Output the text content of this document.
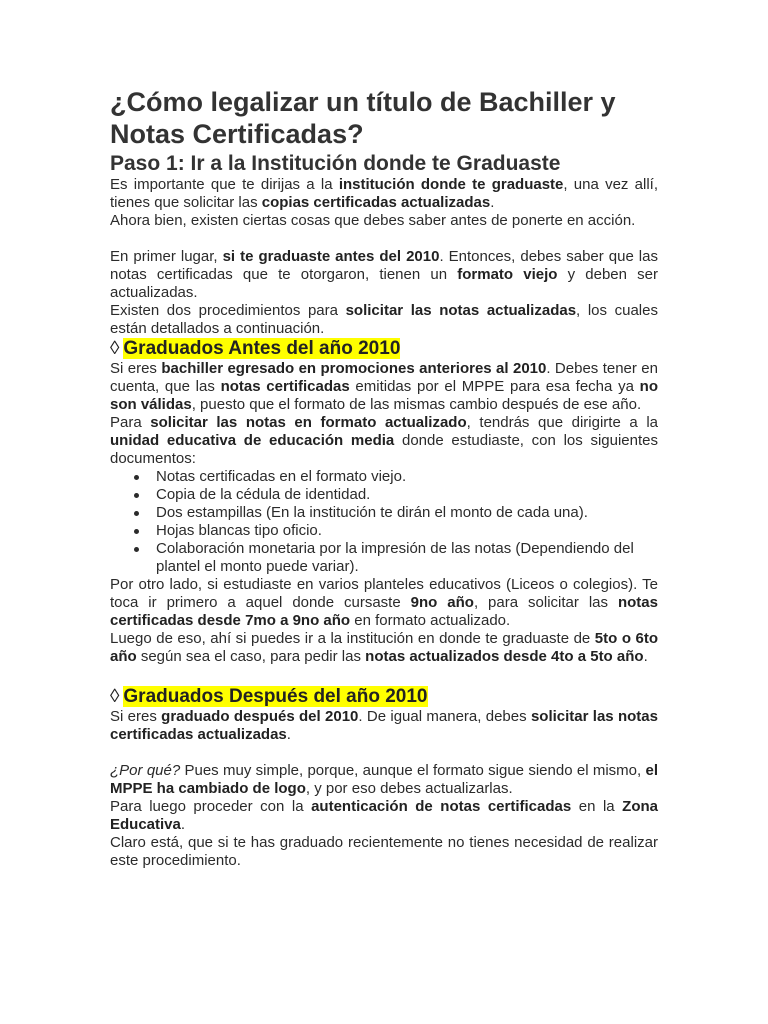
¿Cómo legalizar un título de Bachiller y Notas Certificadas?
Paso 1: Ir a la Institución donde te Graduaste

Es importante que te dirijas a la institución donde te graduaste, una vez allí, tienes que solicitar las copias certificadas actualizadas.

Ahora bien, existen ciertas cosas que debes saber antes de ponerte en acción.

En primer lugar, si te graduaste antes del 2010. Entonces, debes saber que las notas certificadas que te otorgaron, tienen un formato viejo y deben ser actualizadas.

Existen dos procedimientos para solicitar las notas actualizadas, los cuales están detallados a continuación.

◊ Graduados Antes del año 2010

Si eres bachiller egresado en promociones anteriores al 2010. Debes tener en cuenta, que las notas certificadas emitidas por el MPPE para esa fecha ya no son válidas, puesto que el formato de las mismas cambio después de ese año.

Para solicitar las notas en formato actualizado, tendrás que dirigirte a la unidad educativa de educación media donde estudiaste, con los siguientes documentos:

Notas certificadas en el formato viejo.
Copia de la cédula de identidad.
Dos estampillas (En la institución te dirán el monto de cada una).
Hojas blancas tipo oficio.
Colaboración monetaria por la impresión de las notas (Dependiendo del plantel el monto puede variar).

Por otro lado, si estudiaste en varios planteles educativos (Liceos o colegios). Te toca ir primero a aquel donde cursaste 9no año, para solicitar las notas certificadas desde 7mo a 9no año en formato actualizado.

Luego de eso, ahí si puedes ir a la institución en donde te graduaste de 5to o 6to año según sea el caso, para pedir las notas actualizados desde 4to a 5to año.

◊ Graduados Después del año 2010

Si eres graduado después del 2010. De igual manera, debes solicitar las notas certificadas actualizadas.

¿Por qué? Pues muy simple, porque, aunque el formato sigue siendo el mismo, el MPPE ha cambiado de logo, y por eso debes actualizarlas.

Para luego proceder con la autenticación de notas certificadas en la Zona Educativa.

Claro está, que si te has graduado recientemente no tienes necesidad de realizar este procedimiento.
